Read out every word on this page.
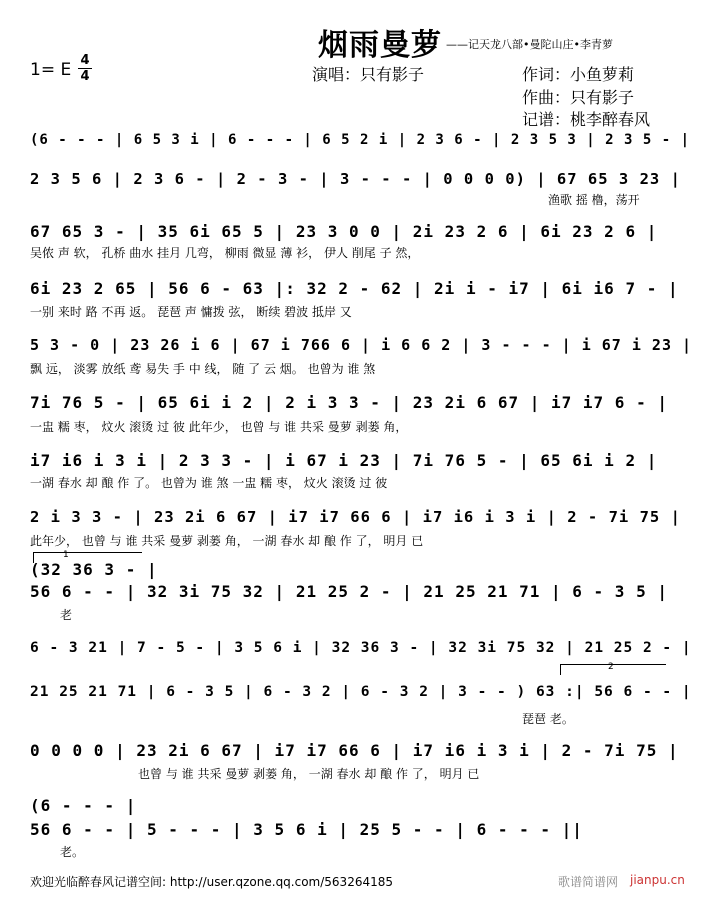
烟雨曼萝 ——记天龙八部•曼陀山庄•李青萝
1= E 4
4	演唱：只有影子	作词：小鱼萝莉
作曲：只有影子
记谱：桃李醉春风
(6 - - - | 6 5 3 i | 6 - - - | 6 5 2 i | 2 3 6 - | 2 3 5 3 | 2 3 5 - |
2 3 5 6 | 2 3 6 - | 2 - 3 - | 3 - - - | 0 0 0 0) | 67 65 3 23 |
渔歌 摇 橹，荡开
67 65 3 - | 35 6i 65 5 | 23 3 0 0 | 2i 23 2 6 | 6i 23 2 6 |
吴侬 声 软， 孔桥 曲水 挂月 几弯， 柳雨 微显 薄 衫， 伊人 削尾 子 然，
6i 23 2 65 | 56 6 - 63 |: 32 2 - 62 | 2i i - i7 | 6i i6 7 - |
一别 来时 路 不再 返。 琵琶 声 慵拨 弦， 断续 碧波 抵岸 又
5 3 - 0 | 23 26 i 6 | 67 i 766 6 | i 6 6 2 | 3 - - - | i 67 i 23 |
飘 远， 淡雾 放纸 鸢 易失 手 中 线， 随 了 云 烟。 也曾为 谁 煞
7i 76 5 - | 65 6i i 2 | 2 i 3 3 - | 23 2i 6 67 | i7 i7 6 - |
一盅 糯 枣， 炆火 滚烫 过 彼 此年少， 也曾 与 谁 共采 曼萝 剥蒌 角，
i7 i6 i 3 i | 2 3 3 - | i 67 i 23 | 7i 76 5 - | 65 6i i 2 |
一湖 春水 却 酿 作 了。 也曾为 谁 煞 一盅 糯 枣， 炆火 滚烫 过 彼
2 i 3 3 - | 23 2i 6 67 | i7 i7 66 6 | i7 i6 i 3 i | 2 - 7i 75 |
此年少， 也曾 与 谁 共采 曼萝 剥蒌 角， 一湖 春水 却 酿 作 了， 明月 已
1
(32 36 3 - |
56 6 - - | 32 3i 75 32 | 21 25 2 - | 21 25 21 71 | 6 - 3 5 |
老
6 - 3 21 | 7 - 5 - | 3 5 6 i | 32 36 3 - | 32 3i 75 32 | 21 25 2 - |
2
21 25 21 71 | 6 - 3 5 | 6 - 3 2 | 6 - 3 2 | 3 - - ) 63 :| 56 6 - - |
琵琶 老。
0 0 0 0 | 23 2i 6 67 | i7 i7 66 6 | i7 i6 i 3 i | 2 - 7i 75 |
也曾 与 谁 共采 曼萝 剥蒌 角， 一湖 春水 却 酿 作 了， 明月 已
(6 - - - |
56 6 - - | 5 - - - | 3 5 6 i | 25 5 - - | 6 - - - ||
老。
欢迎光临醉春风记谱空间: http://user.qzone.qq.com/563264185	歌谱简谱网 jianpu.cn
